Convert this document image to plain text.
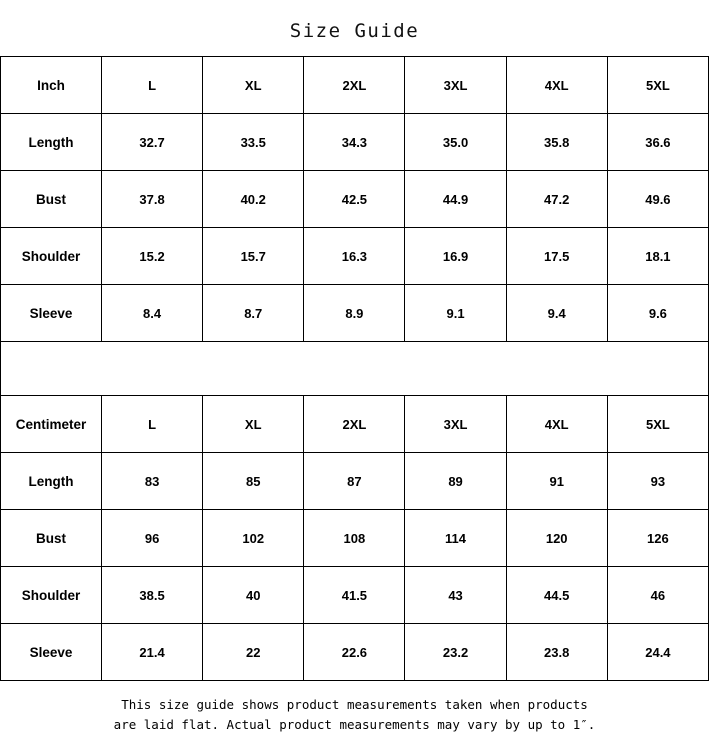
Size Guide
Inch	L	XL	2XL	3XL	4XL	5XL
Length	32.7	33.5	34.3	35.0	35.8	36.6
Bust	37.8	40.2	42.5	44.9	47.2	49.6
Shoulder	15.2	15.7	16.3	16.9	17.5	18.1
Sleeve	8.4	8.7	8.9	9.1	9.4	9.6
Centimeter	L	XL	2XL	3XL	4XL	5XL
Length	83	85	87	89	91	93
Bust	96	102	108	114	120	126
Shoulder	38.5	40	41.5	43	44.5	46
Sleeve	21.4	22	22.6	23.2	23.8	24.4
This size guide shows product measurements taken when products
are laid flat. Actual product measurements may vary by up to 1″.
